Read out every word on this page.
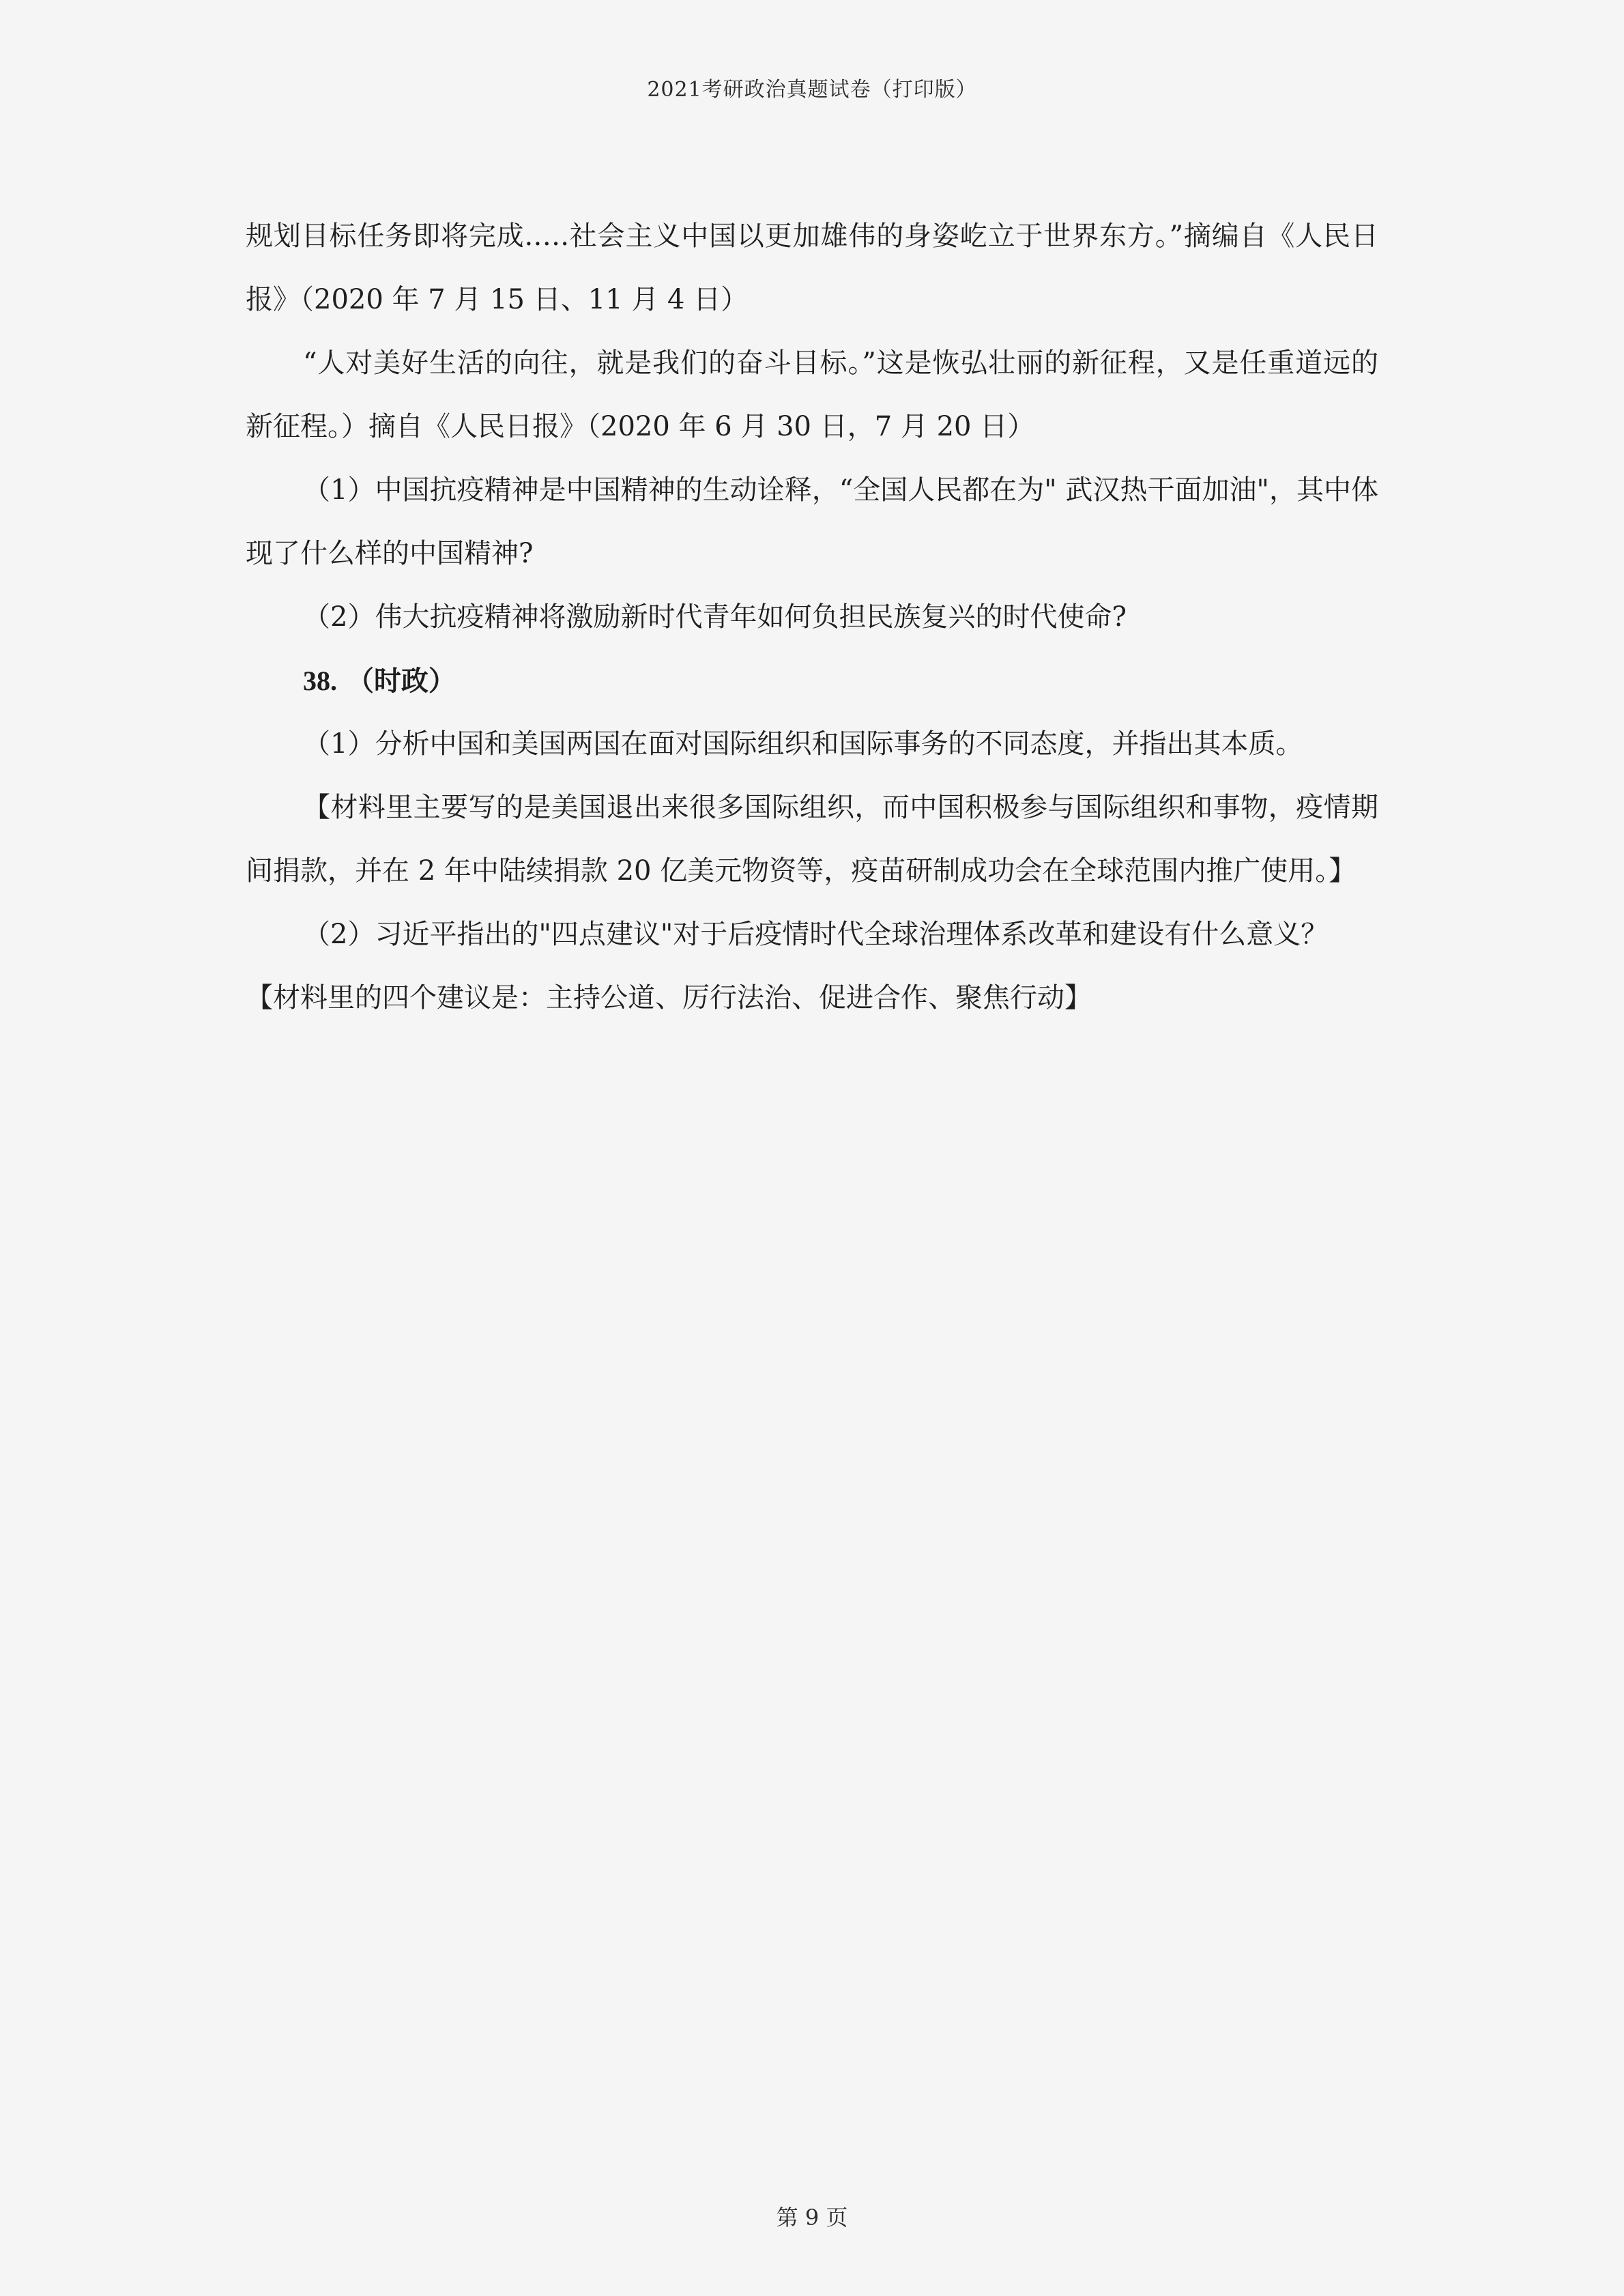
2021考研政治真题试卷（打印版）

规划目标任务即将完成.….社会主义中国以更加雄伟的身姿屹立于世界东方。”摘编自《人民日报》（2020 年 7 月 15 日、11 月 4 日）

“人对美好生活的向往，就是我们的奋斗目标。”这是恢弘壮丽的新征程，又是任重道远的新征程。）摘自《人民日报》（2020 年 6 月 30 日，7 月 20 日）

（1）中国抗疫精神是中国精神的生动诠释，“全国人民都在为" 武汉热干面加油"，其中体现了什么样的中国精神?

（2）伟大抗疫精神将激励新时代青年如何负担民族复兴的时代使命?

38. （时政）

（1）分析中国和美国两国在面对国际组织和国际事务的不同态度，并指出其本质。

【材料里主要写的是美国退出来很多国际组织，而中国积极参与国际组织和事物，疫情期间捐款，并在 2 年中陆续捐款 20 亿美元物资等，疫苗研制成功会在全球范围内推广使用。】

（2）习近平指出的"四点建议"对于后疫情时代全球治理体系改革和建设有什么意义？

【材料里的四个建议是：主持公道、厉行法治、促进合作、聚焦行动】

第 9 页
